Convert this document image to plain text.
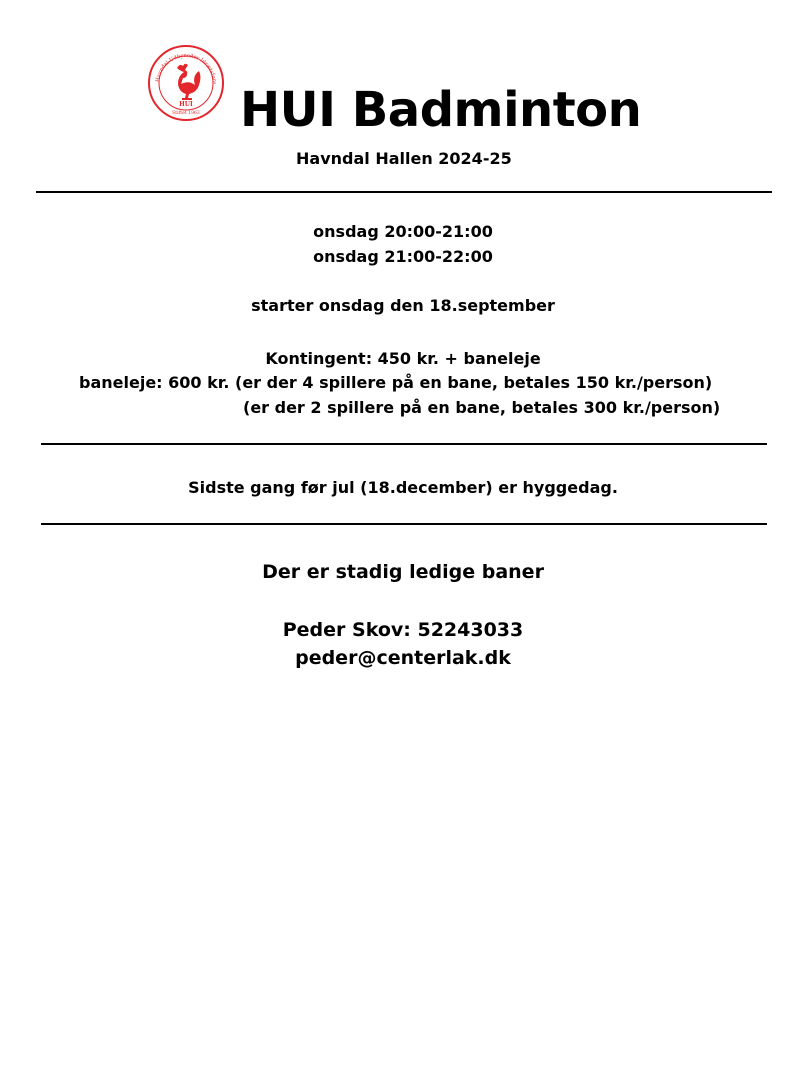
Havndal-Udbyneder Idrætsfore
HUI
Stiftet 1963 HUI Badminton
Havndal Hallen 2024-25
onsdag 20:00-21:00
onsdag 21:00-22:00
starter onsdag den 18.september
Kontingent: 450 kr. + baneleje
baneleje: 600 kr. (er der 4 spillere på en bane, betales 150 kr./person)
(er der 2 spillere på en bane, betales 300 kr./person)
Sidste gang før jul (18.december) er hyggedag.
Der er stadig ledige baner
Peder Skov: 52243033
peder@centerlak.dk
